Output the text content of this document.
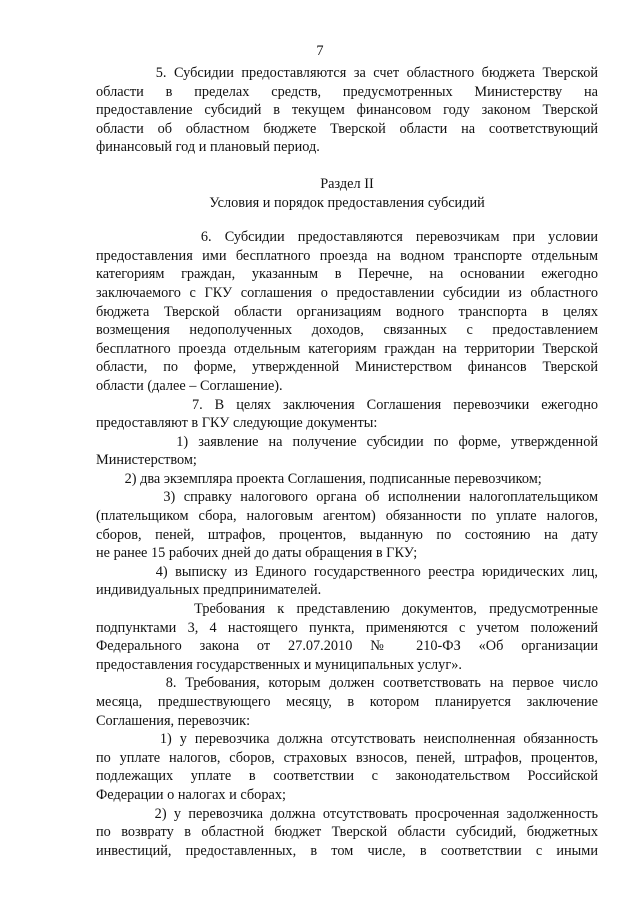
7
5. Субсидии предоставляются за счет областного бюджета Тверской
области в пределах средств, предусмотренных Министерству на
предоставление субсидий в текущем финансовом году законом Тверской
области об областном бюджете Тверской области на соответствующий
финансовый год и плановый период.
Раздел II
Условия и порядок предоставления субсидий
6. Субсидии предоставляются перевозчикам при условии
предоставления ими бесплатного проезда на водном транспорте отдельным
категориям граждан, указанным в Перечне, на основании ежегодно
заключаемого с ГКУ соглашения о предоставлении субсидии из областного
бюджета Тверской области организациям водного транспорта в целях
возмещения недополученных доходов, связанных с предоставлением
бесплатного проезда отдельным категориям граждан на территории Тверской
области, по форме, утвержденной Министерством финансов Тверской
области (далее – Соглашение).
7. В целях заключения Соглашения перевозчики ежегодно
предоставляют в ГКУ следующие документы:
1) заявление на получение субсидии по форме, утвержденной
Министерством;
2) два экземпляра проекта Соглашения, подписанные перевозчиком;
3) справку налогового органа об исполнении налогоплательщиком
(плательщиком сбора, налоговым агентом) обязанности по уплате налогов,
сборов, пеней, штрафов, процентов, выданную по состоянию на дату
не ранее 15 рабочих дней до даты обращения в ГКУ;
4) выписку из Единого государственного реестра юридических лиц,
индивидуальных предпринимателей.
Требования к представлению документов, предусмотренные
подпунктами 3, 4 настоящего пункта, применяются с учетом положений
Федерального закона от 27.07.2010 № 210-ФЗ «Об организации
предоставления государственных и муниципальных услуг».
8. Требования, которым должен соответствовать на первое число
месяца, предшествующего месяцу, в котором планируется заключение
Соглашения, перевозчик:
1) у перевозчика должна отсутствовать неисполненная обязанность
по уплате налогов, сборов, страховых взносов, пеней, штрафов, процентов,
подлежащих уплате в соответствии с законодательством Российской
Федерации о налогах и сборах;
2) у перевозчика должна отсутствовать просроченная задолженность
по возврату в областной бюджет Тверской области субсидий, бюджетных
инвестиций, предоставленных, в том числе, в соответствии с иными
